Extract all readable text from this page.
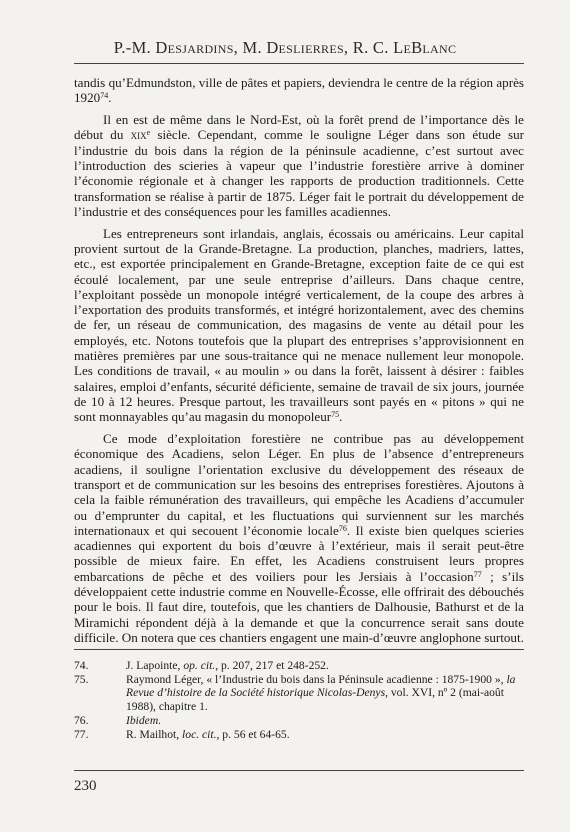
P.-M. Desjardins, M. Deslierres, R. C. LeBlanc

tandis qu’Edmundston, ville de pâtes et papiers, deviendra le centre de la région après 1920$^{74}$.

Il en est de même dans le Nord-Est, où la forêt prend de l’importance dès le début du xix$^e$ siècle. Cependant, comme le souligne Léger dans son étude sur l’industrie du bois dans la région de la péninsule acadienne, c’est surtout avec l’introduction des scieries à vapeur que l’industrie forestière arrive à dominer l’économie régionale et à changer les rapports de production traditionnels. Cette transformation se réalise à partir de 1875. Léger fait le portrait du développement de l’industrie et des conséquences pour les familles acadiennes.

Les entrepreneurs sont irlandais, anglais, écossais ou américains. Leur capital provient surtout de la Grande-Bretagne. La production, planches, madriers, lattes, etc., est exportée principalement en Grande-Bretagne, exception faite de ce qui est écoulé localement, par une seule entreprise d’ailleurs. Dans chaque centre, l’exploitant possède un monopole intégré verticalement, de la coupe des arbres à l’exportation des produits transformés, et intégré horizontalement, avec des chemins de fer, un réseau de communication, des magasins de vente au détail pour les employés, etc. Notons toutefois que la plupart des entreprises s’approvisionnent en matières premières par une sous-traitance qui ne menace nullement leur monopole. Les conditions de travail, « au moulin » ou dans la forêt, laissent à désirer : faibles salaires, emploi d’enfants, sécurité déficiente, semaine de travail de six jours, journée de 10 à 12 heures. Presque partout, les travailleurs sont payés en « pitons » qui ne sont monnayables qu’au magasin du monopoleur$^{75}$.

Ce mode d’exploitation forestière ne contribue pas au développement économique des Acadiens, selon Léger. En plus de l’absence d’entrepreneurs acadiens, il souligne l’orientation exclusive du développement des réseaux de transport et de communication sur les besoins des entreprises forestières. Ajoutons à cela la faible rémunération des travailleurs, qui empêche les Acadiens d’accumuler ou d’emprunter du capital, et les fluctuations qui surviennent sur les marchés internationaux et qui secouent l’économie locale$^{76}$. Il existe bien quelques scieries acadiennes qui exportent du bois d’œuvre à l’extérieur, mais il serait peut-être possible de mieux faire. En effet, les Acadiens construisent leurs propres embarcations de pêche et des voiliers pour les Jersiais à l’occasion$^{77}$ ; s’ils développaient cette industrie comme en Nouvelle-Écosse, elle offrirait des débouchés pour le bois. Il faut dire, toutefois, que les chantiers de Dalhousie, Bathurst et de la Miramichi répondent déjà à la demande et que la concurrence serait sans doute difficile. On notera que ces chantiers engagent une main-d’œuvre anglophone surtout.

74.	J. Lapointe, op. cit., p. 207, 217 et 248-252.
75.	Raymond Léger, « l’Industrie du bois dans la Péninsule acadienne : 1875-1900 », la Revue d’histoire de la Société historique Nicolas-Denys, vol. XVI, nº 2 (mai-août 1988), chapitre 1.
76.	Ibidem.
77.	R. Mailhot, loc. cit., p. 56 et 64-65.
230
